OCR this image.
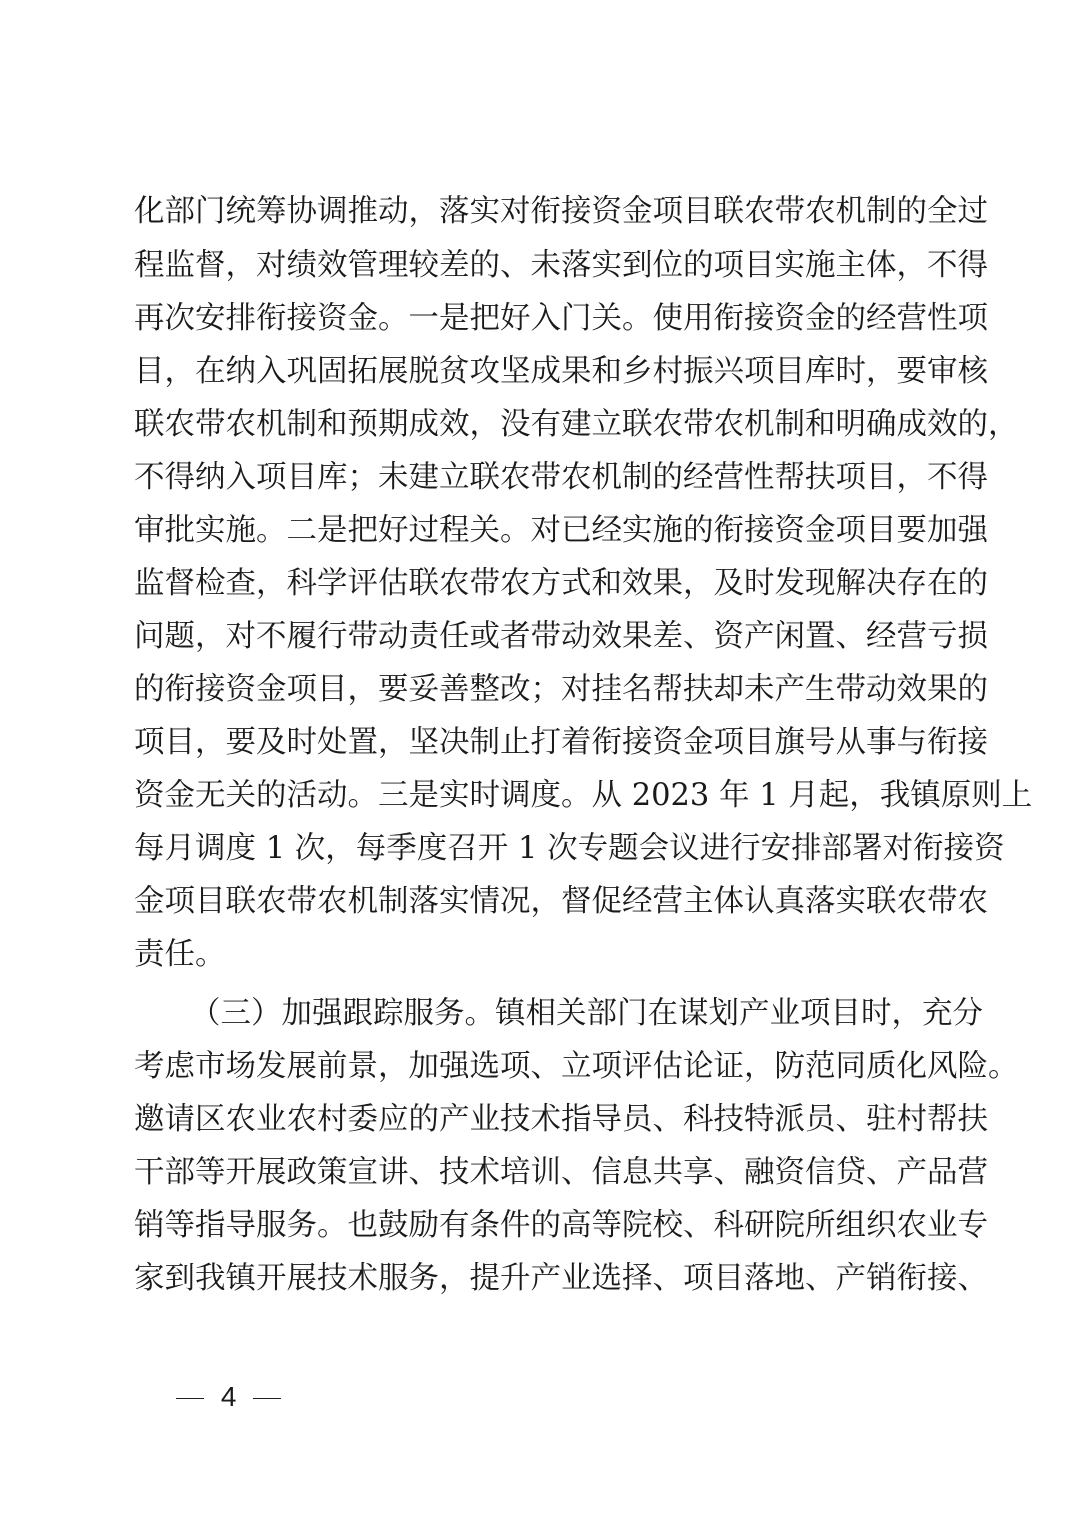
化部门统筹协调推动，落实对衔接资金项目联农带农机制的全过
程监督，对绩效管理较差的、未落实到位的项目实施主体，不得
再次安排衔接资金。一是把好入门关。使用衔接资金的经营性项
目，在纳入巩固拓展脱贫攻坚成果和乡村振兴项目库时，要审核
联农带农机制和预期成效，没有建立联农带农机制和明确成效的，
不得纳入项目库；未建立联农带农机制的经营性帮扶项目，不得
审批实施。二是把好过程关。对已经实施的衔接资金项目要加强
监督检查，科学评估联农带农方式和效果，及时发现解决存在的
问题，对不履行带动责任或者带动效果差、资产闲置、经营亏损
的衔接资金项目，要妥善整改；对挂名帮扶却未产生带动效果的
项目，要及时处置，坚决制止打着衔接资金项目旗号从事与衔接
资金无关的活动。三是实时调度。从 2023 年 1 月起，我镇原则上
每月调度 1 次，每季度召开 1 次专题会议进行安排部署对衔接资
金项目联农带农机制落实情况，督促经营主体认真落实联农带农
责任。
（三）加强跟踪服务。镇相关部门在谋划产业项目时，充分
考虑市场发展前景，加强选项、立项评估论证，防范同质化风险。
邀请区农业农村委应的产业技术指导员、科技特派员、驻村帮扶
干部等开展政策宣讲、技术培训、信息共享、融资信贷、产品营
销等指导服务。也鼓励有条件的高等院校、科研院所组织农业专
家到我镇开展技术服务，提升产业选择、项目落地、产销衔接、
4
